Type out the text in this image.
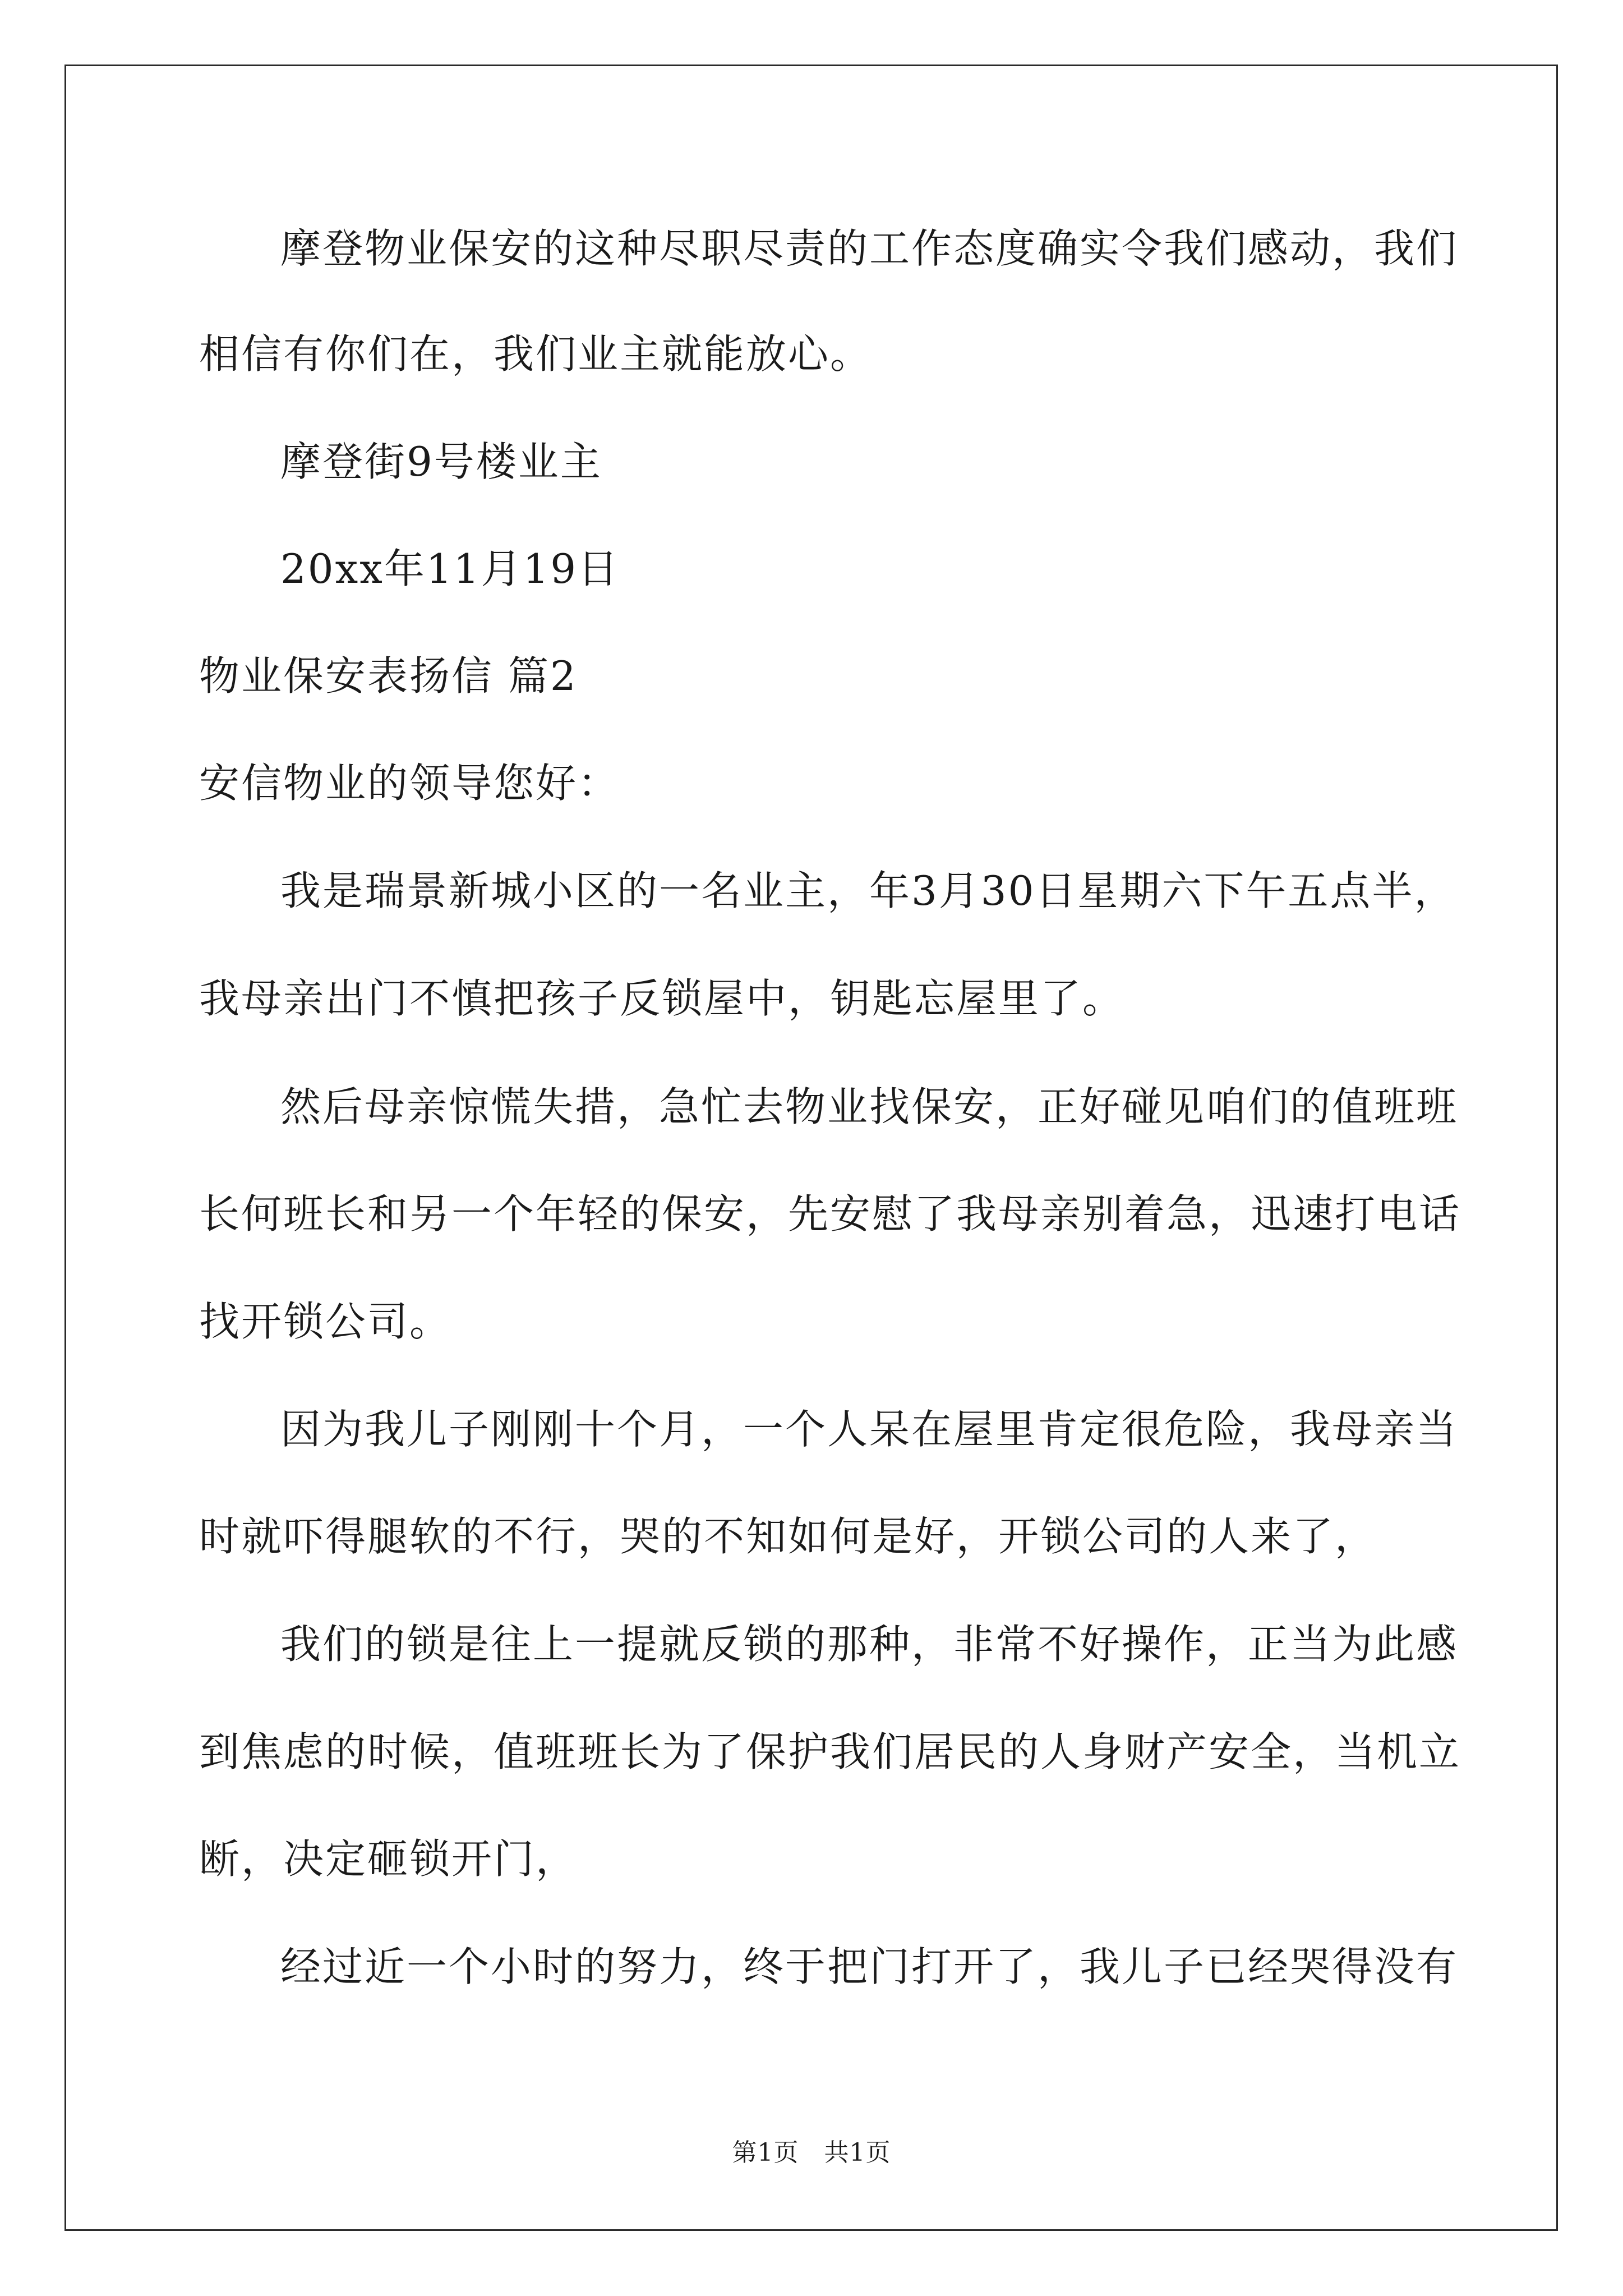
摩登物业保安的这种尽职尽责的工作态度确实令我们感动，我们
相信有你们在，我们业主就能放心。
摩登街9号楼业主
20xx年11月19日
物业保安表扬信 篇2
安信物业的领导您好：
我是瑞景新城小区的一名业主，年3月30日星期六下午五点半，
我母亲出门不慎把孩子反锁屋中，钥匙忘屋里了。
然后母亲惊慌失措，急忙去物业找保安，正好碰见咱们的值班班
长何班长和另一个年轻的保安，先安慰了我母亲别着急，迅速打电话
找开锁公司。
因为我儿子刚刚十个月，一个人呆在屋里肯定很危险，我母亲当
时就吓得腿软的不行，哭的不知如何是好，开锁公司的人来了，
我们的锁是往上一提就反锁的那种，非常不好操作，正当为此感
到焦虑的时候，值班班长为了保护我们居民的人身财产安全，当机立
断，决定砸锁开门，
经过近一个小时的努力，终于把门打开了，我儿子已经哭得没有
第1页　共1页
